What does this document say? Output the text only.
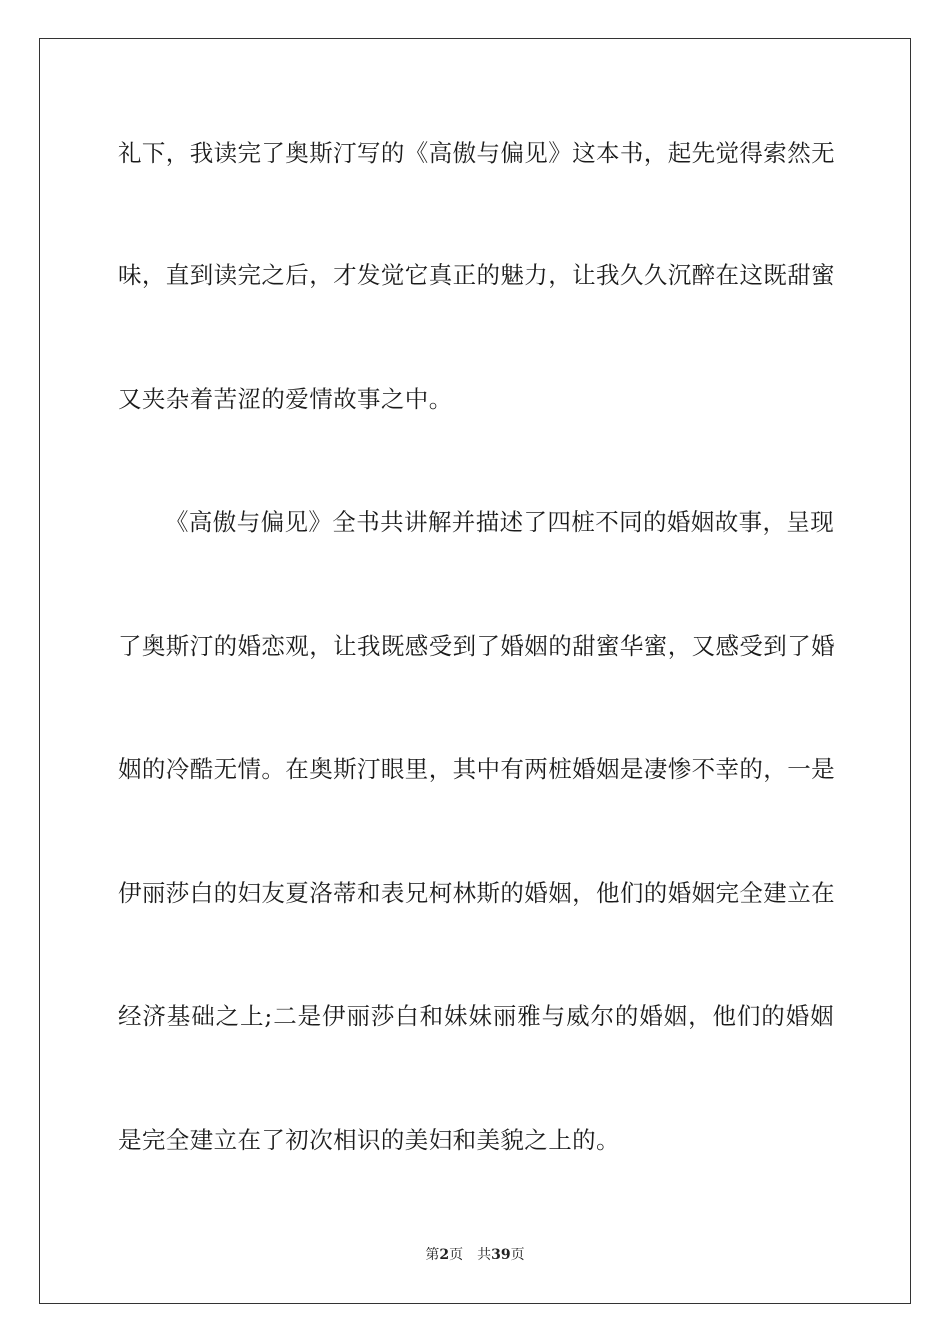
礼下，我读完了奥斯汀写的《高傲与偏见》这本书，起先觉得索然无
味，直到读完之后，才发觉它真正的魅力，让我久久沉醉在这既甜蜜
又夹杂着苦涩的爱情故事之中。
《高傲与偏见》全书共讲解并描述了四桩不同的婚姻故事，呈现
了奥斯汀的婚恋观，让我既感受到了婚姻的甜蜜华蜜，又感受到了婚
姻的冷酷无情。在奥斯汀眼里，其中有两桩婚姻是凄惨不幸的，一是
伊丽莎白的妇友夏洛蒂和表兄柯林斯的婚姻，他们的婚姻完全建立在
经济基础之上;二是伊丽莎白和妹妹丽雅与威尔的婚姻，他们的婚姻
是完全建立在了初次相识的美妇和美貌之上的。
第2页 共39页
